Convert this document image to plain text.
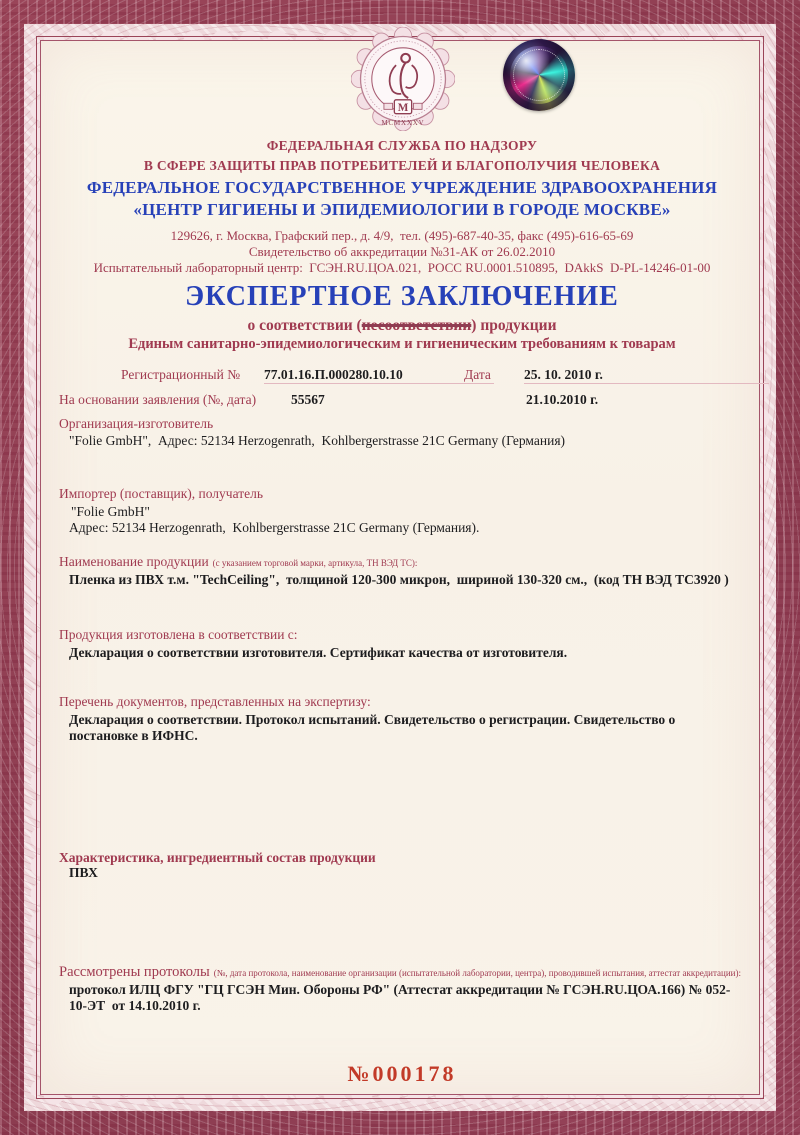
M
MCMXXXV
ФЕДЕРАЛЬНАЯ СЛУЖБА ПО НАДЗОРУ
В СФЕРЕ ЗАЩИТЫ ПРАВ ПОТРЕБИТЕЛЕЙ И БЛАГОПОЛУЧИЯ ЧЕЛОВЕКА
ФЕДЕРАЛЬНОЕ ГОСУДАРСТВЕННОЕ УЧРЕЖДЕНИЕ ЗДРАВООХРАНЕНИЯ
«ЦЕНТР ГИГИЕНЫ И ЭПИДЕМИОЛОГИИ В ГОРОДЕ МОСКВЕ»
129626, г. Москва, Графский пер., д. 4/9,  тел. (495)-687-40-35, факс (495)-616-65-69
Свидетельство об аккредитации №31-АК от 26.02.2010
Испытательный лабораторный центр:  ГСЭН.RU.ЦОА.021,  РОСС RU.0001.510895,  DAkkS  D-PL-14246-01-00
ЭКСПЕРТНОЕ ЗАКЛЮЧЕНИЕ
о соответствии (несоответствии) продукции
Единым санитарно-эпидемиологическим и гигиеническим требованиям к товарам
Регистрационный № 77.01.16.П.000280.10.10	Дата 25. 10. 2010 г.
На основании заявления (№, дата)	55567	21.10.2010 г.
Организация-изготовитель
"Folie GmbH",  Адрес: 52134 Herzogenrath,  Kohlbergerstrasse 21C Germany (Германия)
Импортер (поставщик), получатель
"Folie GmbH"
Адрес: 52134 Herzogenrath,  Kohlbergerstrasse 21C Germany (Германия).
Наименование продукции (с указанием торговой марки, артикула, ТН ВЭД ТС):
Пленка из ПВХ т.м. "TechCeiling",  толщиной 120-300 микрон,  шириной 130-320 см.,  (код ТН ВЭД ТС3920 )
Продукция изготовлена в соответствии с:
Декларация о соответствии изготовителя. Сертификат качества от изготовителя.
Перечень документов, представленных на экспертизу:
Декларация о соответствии. Протокол испытаний. Свидетельство о регистрации. Свидетельство о постановке в ИФНС.
Характеристика, ингредиентный состав продукции
ПВХ
Рассмотрены протоколы (№, дата протокола, наименование организации (испытательной лаборатории, центра), проводившей испытания, аттестат аккредитации):
протокол ИЛЦ ФГУ "ГЦ ГСЭН Мин. Обороны РФ" (Аттестат аккредитации № ГСЭН.RU.ЦОА.166) № 052-10-ЭТ  от 14.10.2010 г.
№000178
©ЗАО Перв… … М… 2010
